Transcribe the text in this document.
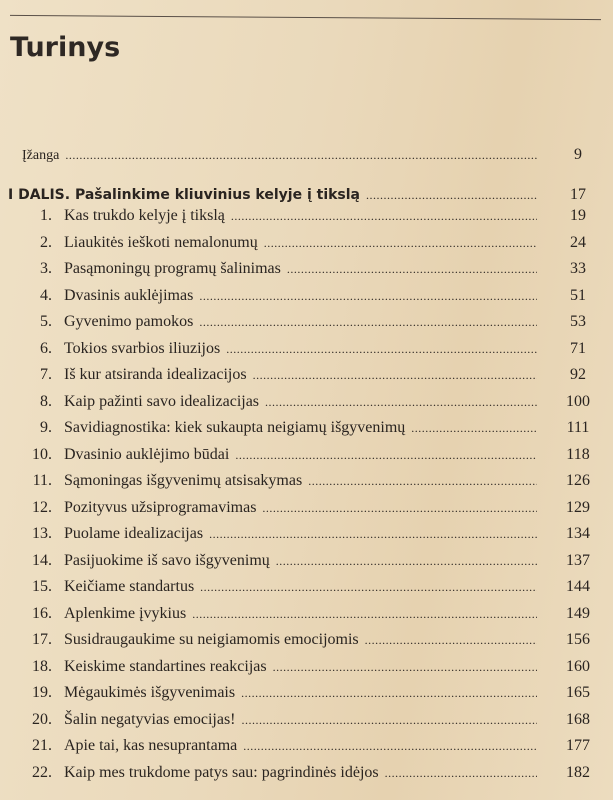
Turinys
Įžanga .....	9
I DALIS. Pašalinkime kliuvinius kelyje į tikslą .....	17
1. Kas trukdo kelyje į tikslą .....	19
2. Liaukitės ieškoti nemalonumų .....	24
3. Pasąmoningų programų šalinimas .....	33
4. Dvasinis auklėjimas .....	51
5. Gyvenimo pamokos .....	53
6. Tokios svarbios iliuzijos .....	71
7. Iš kur atsiranda idealizacijos .....	92
8. Kaip pažinti savo idealizacijas .....	100
9. Savidiagnostika: kiek sukaupta neigiamų išgyvenimų .....	111
10. Dvasinio auklėjimo būdai .....	118
11. Sąmoningas išgyvenimų atsisakymas .....	126
12. Pozityvus užsiprogramavimas .....	129
13. Puolame idealizacijas .....	134
14. Pasijuokime iš savo išgyvenimų .....	137
15. Keičiame standartus .....	144
16. Aplenkime įvykius .....	149
17. Susidraugaukime su neigiamomis emocijomis .....	156
18. Keiskime standartines reakcijas .....	160
19. Mėgaukimės išgyvenimais .....	165
20. Šalin negatyvias emocijas! .....	168
21. Apie tai, kas nesuprantama .....	177
22. Kaip mes trukdome patys sau: pagrindinės idėjos .....	182
